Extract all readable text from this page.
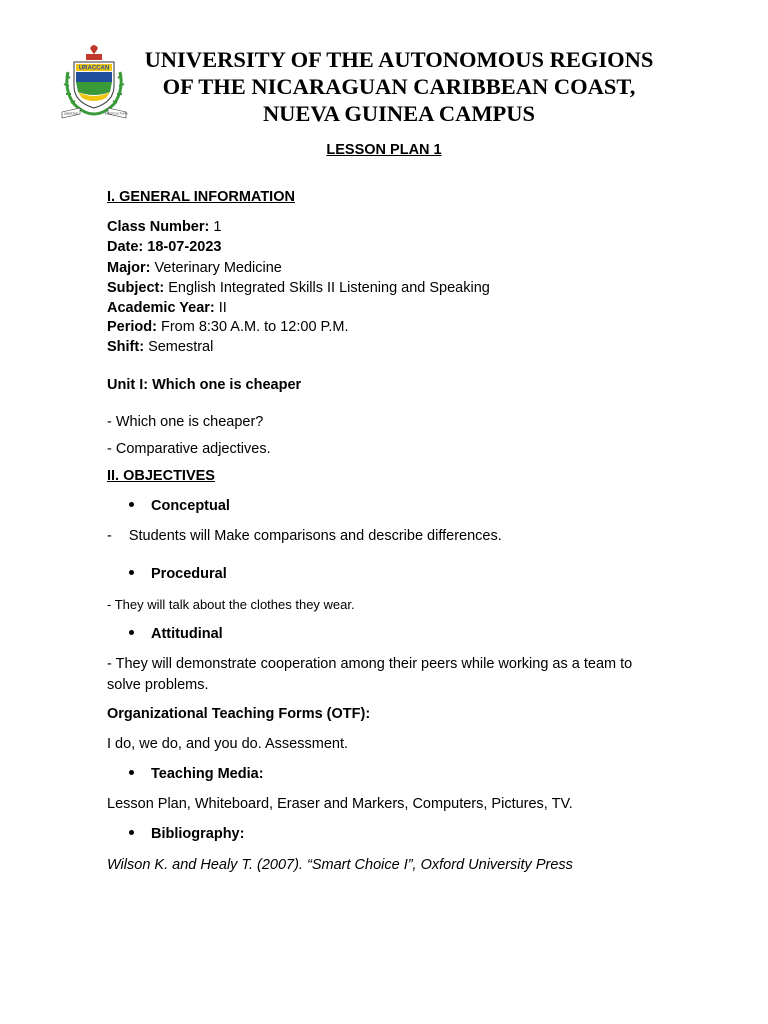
URACCAN
LIBERTAD	INTERCULTURAL
UNIVERSITY OF THE AUTONOMOUS REGIONS
OF THE NICARAGUAN CARIBBEAN COAST,
NUEVA GUINEA CAMPUS
LESSON PLAN 1
I. GENERAL INFORMATION
Class Number: 1
Date: 18-07-2023
Major: Veterinary Medicine
Subject: English Integrated Skills II Listening and Speaking
Academic Year: II
Period: From 8:30 A.M. to 12:00 P.M.
Shift: Semestral
Unit I: Which one is cheaper
- Which one is cheaper?
- Comparative adjectives.
II. OBJECTIVES
Conceptual
- Students will Make comparisons and describe differences.
Procedural
- They will talk about the clothes they wear.
Attitudinal
- They will demonstrate cooperation among their peers while working as a team to
solve problems.
Organizational Teaching Forms (OTF):
I do, we do, and you do. Assessment.
Teaching Media:
Lesson Plan, Whiteboard, Eraser and Markers, Computers, Pictures, TV.
Bibliography:
Wilson K. and Healy T. (2007). “Smart Choice I”, Oxford University Press
